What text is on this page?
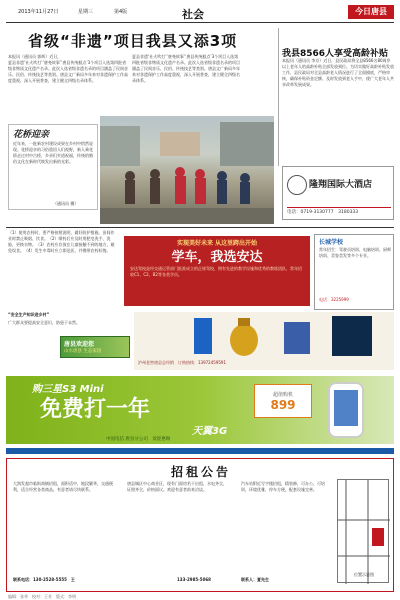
2013年11月27日	星期三	第4版	社会	今日唐县
省级“非遗”项目我县又添3项
本报讯（通讯员 郭辉）近日，
夏县非遗‘社火吹打’‘唐尧故事’‘唐县传统糕点’3个项目入选第四批省级非物质文化遗产名录。此次入选省级非遗名录的项目涵盖了民间音乐、民俗、传统技艺等类别。唐县文广新局多年来对非遗保护工作高度重视，深入开展普查，建立健全四级名录体系。
夏县非遗‘社火吹打’‘唐尧故事’‘唐县传统糕点’3个项目入选第四批省级非物质文化遗产名录。此次入选省级非遗名录的项目涵盖了民间音乐、民俗、传统技艺等类别。唐县文广新局多年来对非遗保护工作高度重视，深入开展普查，建立健全四级名录体系。
花桥迎亲
近年来，一批新农村建设成果在乡村中悄然显现。花桥迎亲的习俗重回人们视野，新人乘花轿走过村中古桥，乡亲们夹道祝福，传统的婚俗文化在新时代焕发出新的光彩。
（通讯员 摄）
我县8566人享受高龄补贴
本报讯（通讯员 李京）近日，县民政局将全县8566名80周岁以上老年人的高龄补贴全部发放到位。为切实做好高龄补贴发放工作，县民政局对全县高龄老人情况进行了全面摸底，严格审核，确保补贴资金足额、及时发放到老人手中，使广大老年人共享改革发展成果。
隆翔国际大酒店
电话：0719-3130777　3180333
（1）使用农药时，要严格按照说明，做好防护措施，田间作业时禁止吸烟、饮食。（2）喷药后应及时用肥皂洗手、洗脸，更换衣物。（3）农药应存放在儿童接触不到的地方，避免误食。（4）发生中毒时应立即送医，并携带农药标签。
“安全生产知识进乡村”
广大群众要提高安全意识，防患于未然。
唐县欢迎您
山水唐县 生态家园
实现美好未来 从这里跨出开始
学车，我选安达
安达驾校是经交通运管部门批准成立的正规驾校，拥有先进的教学设施和优秀的教练团队，常年招收C1、C2、B2等各类学员。
长城学校
常年招生：驾驶员培训、电脑培训、厨师培训、美容美发等多个专业。
电话：3225999
泸州老窖唐县总经销　订购热线：13972459591
购三星S3 Mini
免费打一年
天翼3G
超值购机
899
中国电信 唐县分公司　欢迎惠顾
招租公告
大润发超市临街商铺招租，面积适中，地段繁华，交通便利，适合经营各类商品。有意者请尽快联系。
联系电话：130-2528-5555　王
唐县城区中心商业区，现有门面房若干出租，水电齐全，证照齐全，价格面议。欢迎有意者前来洽谈。
133-2985-5068
汽车站附近写字楼招租，精装修，可办公、可培训，环境优雅，停车方便，配套设施完善。
联系人：夏先生
位置示意图
编辑：张华　校对：王芳　版式：李明
